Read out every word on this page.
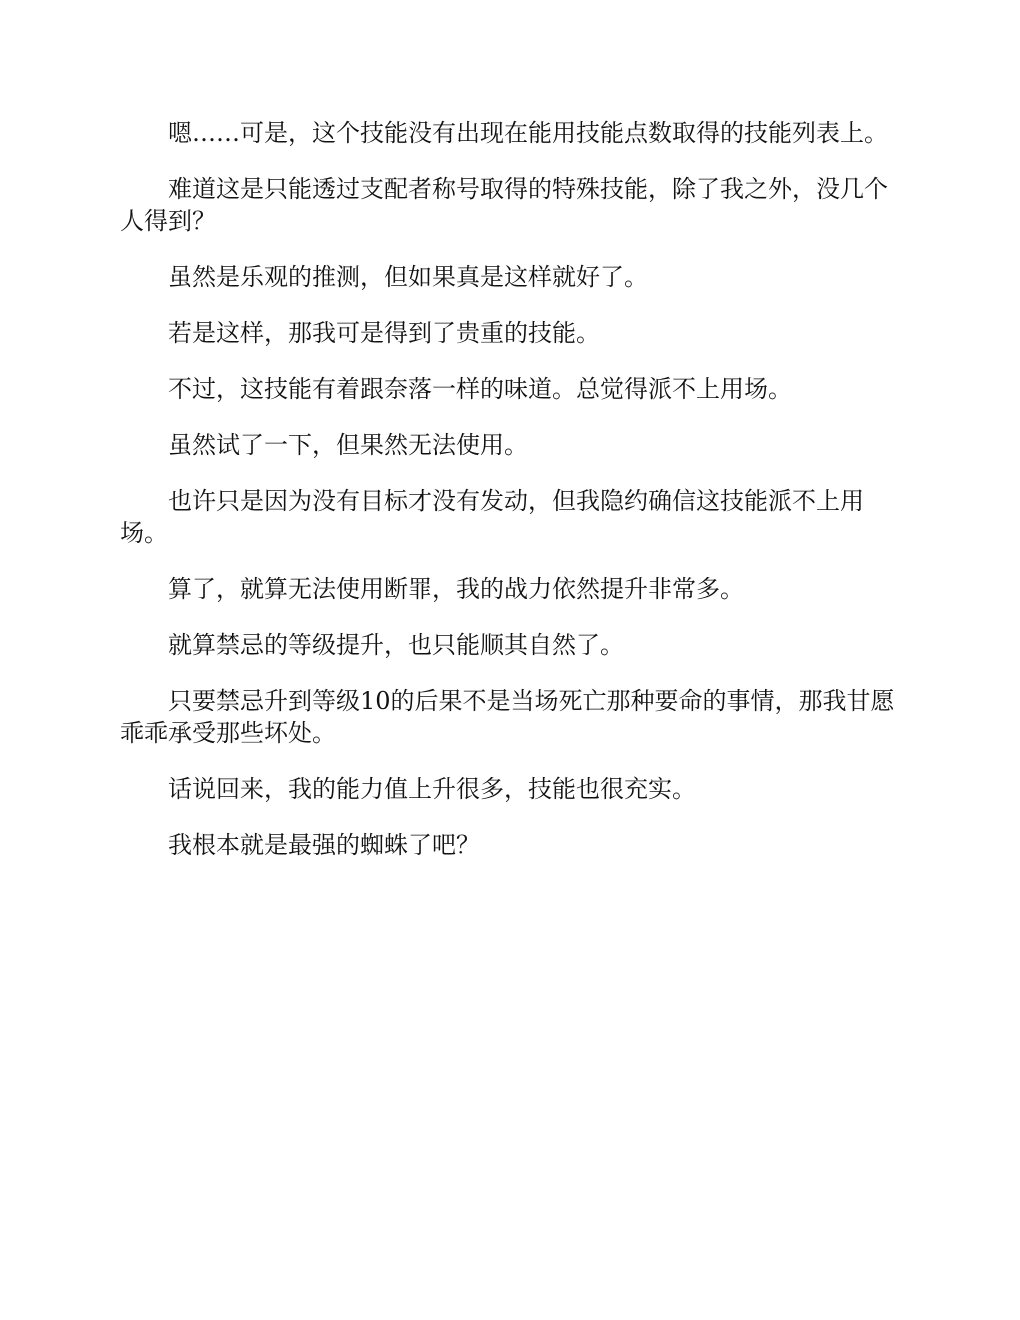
嗯……可是，这个技能没有出现在能用技能点数取得的技能列表上。

难道这是只能透过支配者称号取得的特殊技能，除了我之外，没几个人得到？

虽然是乐观的推测，但如果真是这样就好了。

若是这样，那我可是得到了贵重的技能。

不过，这技能有着跟奈落一样的味道。总觉得派不上用场。

虽然试了一下，但果然无法使用。

也许只是因为没有目标才没有发动，但我隐约确信这技能派不上用场。

算了，就算无法使用断罪，我的战力依然提升非常多。

就算禁忌的等级提升，也只能顺其自然了。

只要禁忌升到等级10的后果不是当场死亡那种要命的事情，那我甘愿乖乖承受那些坏处。

话说回来，我的能力值上升很多，技能也很充实。

我根本就是最强的蜘蛛了吧？
